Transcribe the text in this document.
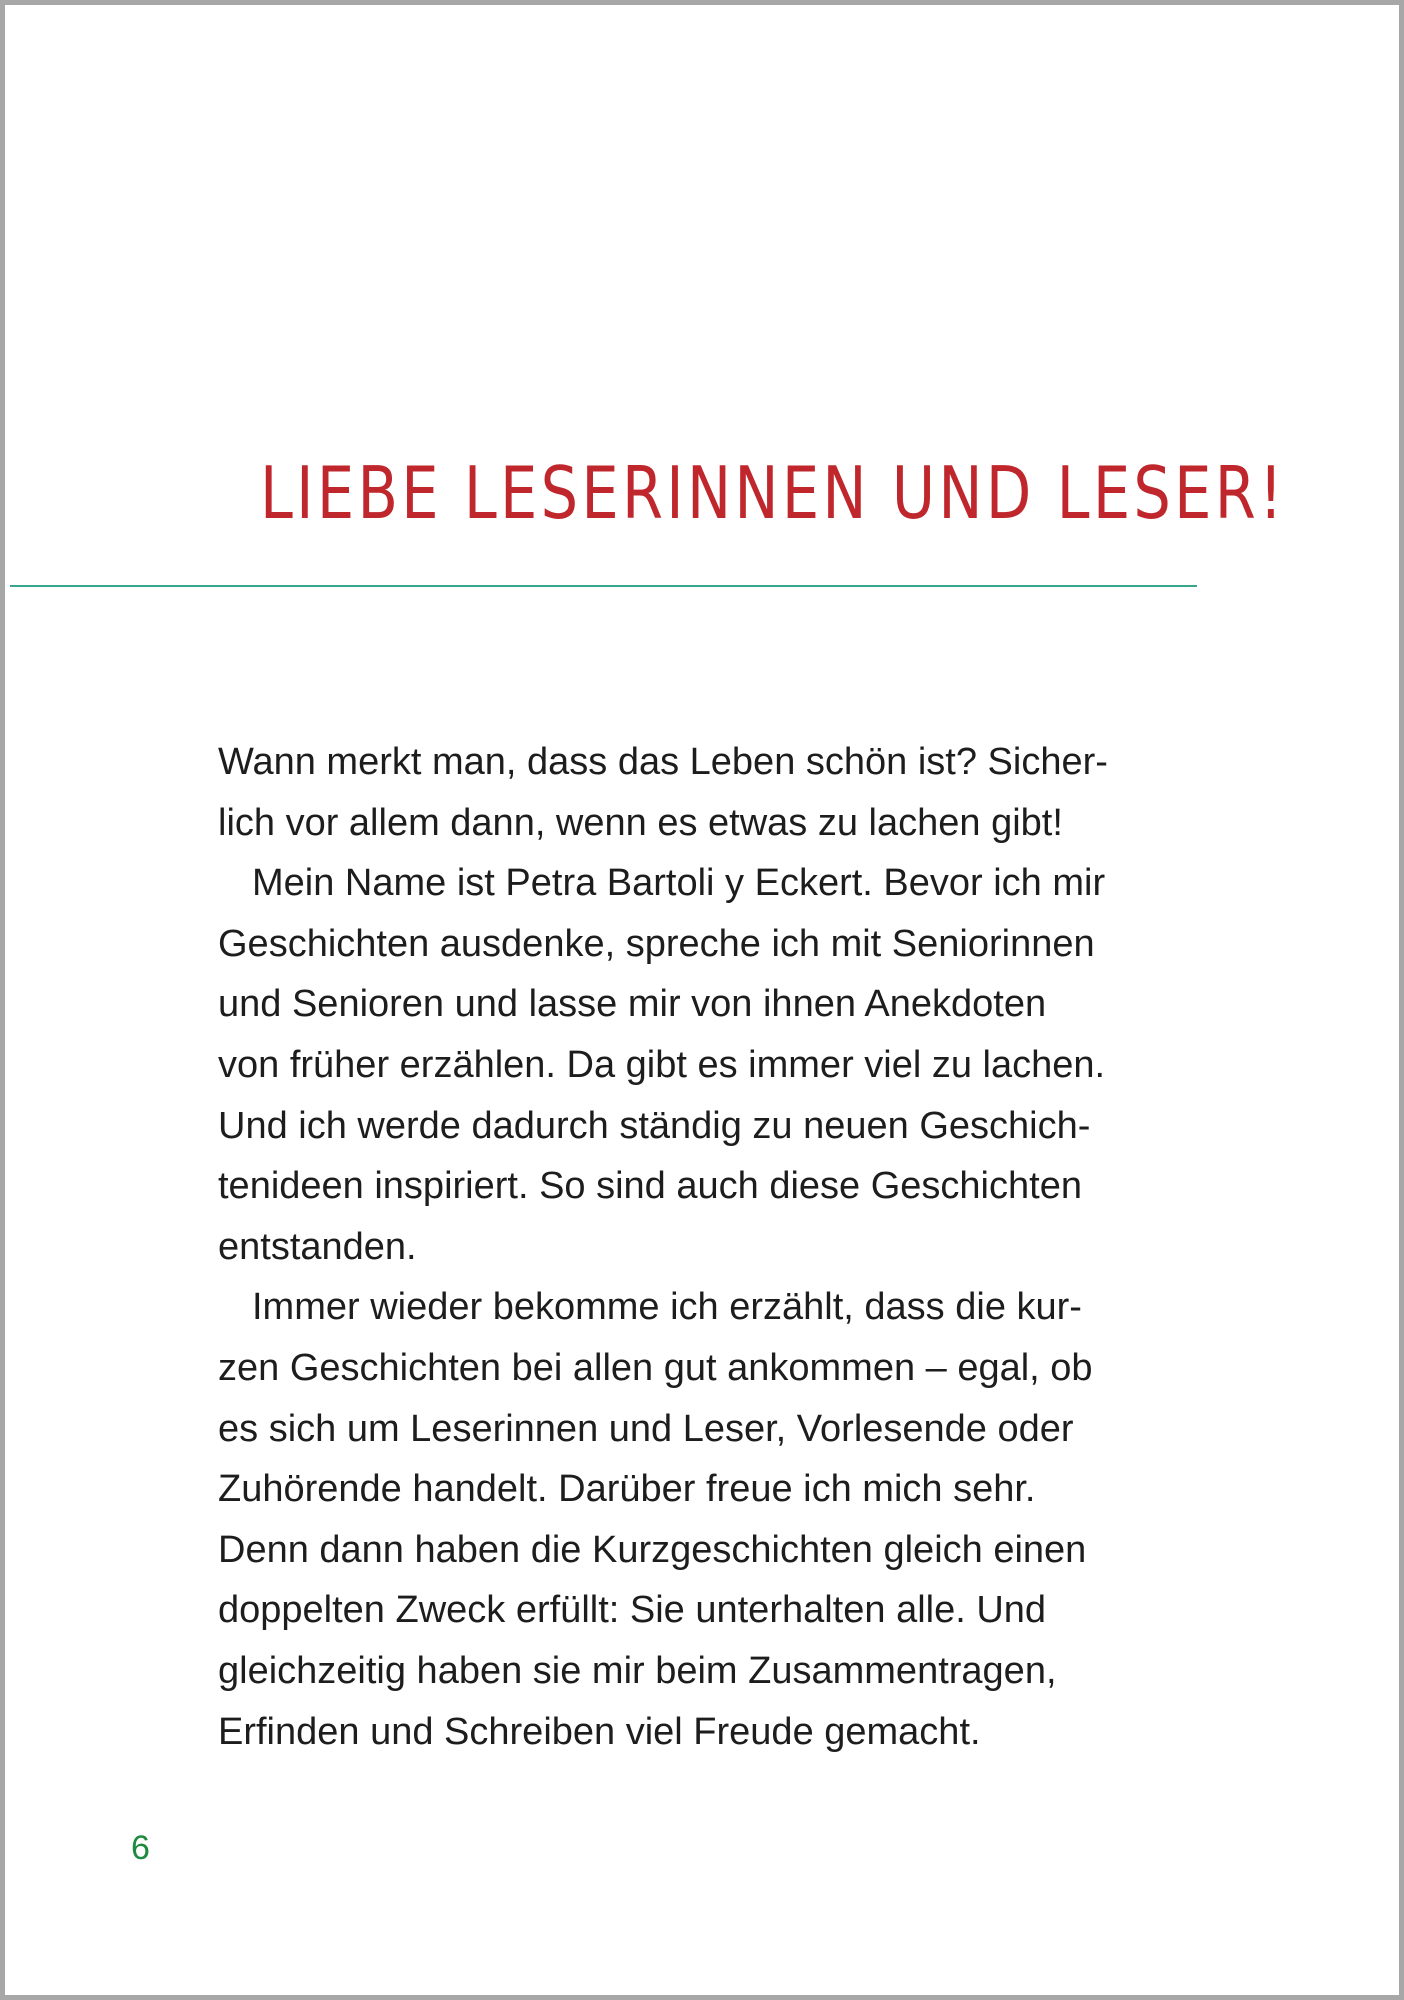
LIEBE LESERINNEN UND LESER!

Wann merkt man, dass das Leben schön ist? Sicher-
lich vor allem dann, wenn es etwas zu lachen gibt!

Mein Name ist Petra Bartoli y Eckert. Bevor ich mir
Geschichten ausdenke, spreche ich mit Seniorinnen
und Senioren und lasse mir von ihnen Anekdoten
von früher erzählen. Da gibt es immer viel zu lachen.
Und ich werde dadurch ständig zu neuen Geschich-
tenideen inspiriert. So sind auch diese Geschichten
entstanden.

Immer wieder bekomme ich erzählt, dass die kur-
zen Geschichten bei allen gut ankommen – egal, ob
es sich um Leserinnen und Leser, Vorlesende oder
Zuhörende handelt. Darüber freue ich mich sehr.
Denn dann haben die Kurzgeschichten gleich einen
doppelten Zweck erfüllt: Sie unterhalten alle. Und
gleichzeitig haben sie mir beim Zusammentragen,
Erfinden und Schreiben viel Freude gemacht.

6
